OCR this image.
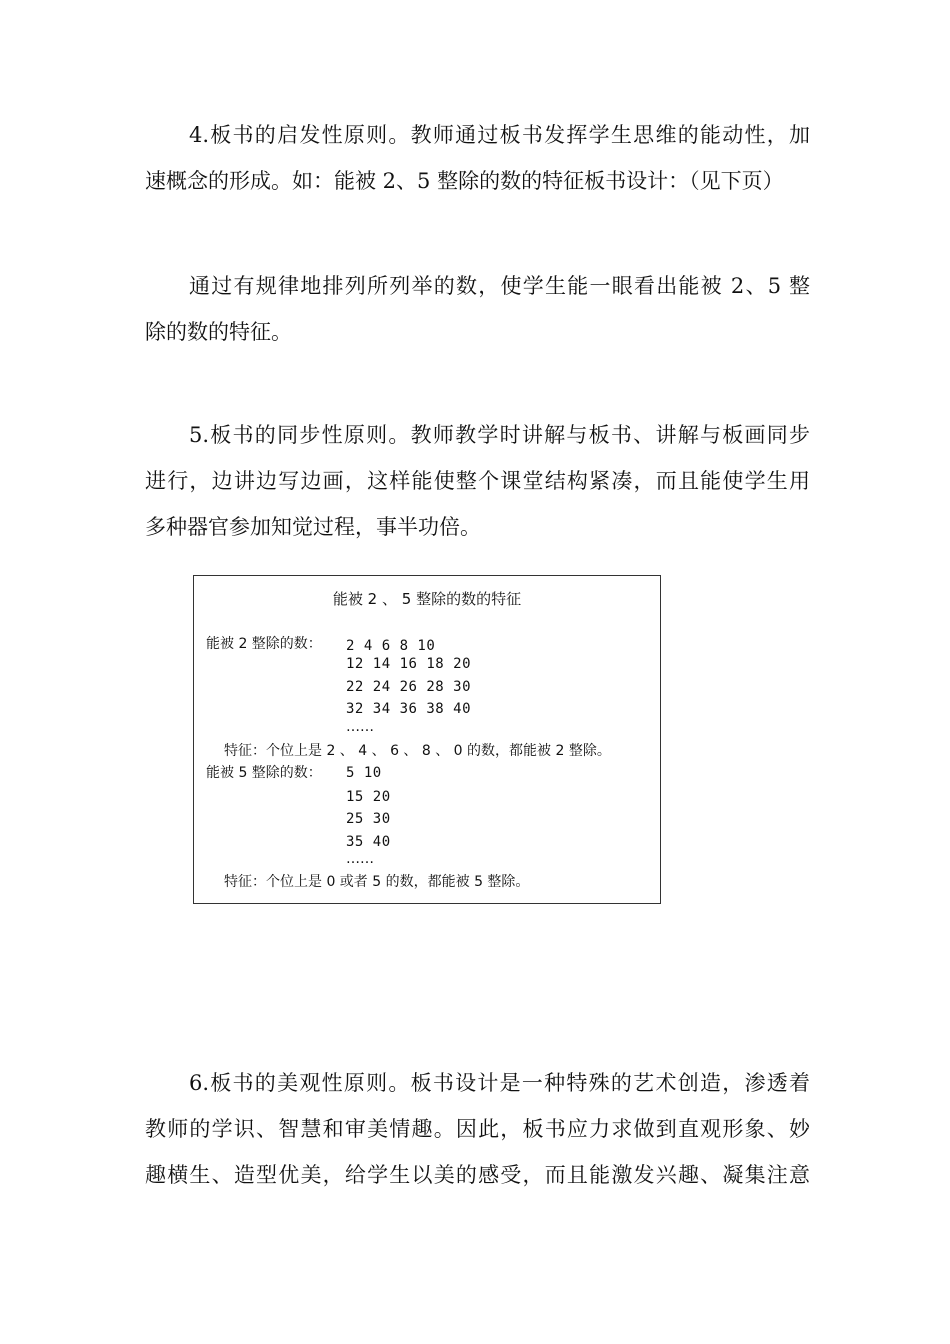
4.板书的启发性原则。教师通过板书发挥学生思维的能动性，加
速概念的形成。如：能被 2、5 整除的数的特征板书设计：（见下页）
通过有规律地排列所列举的数，使学生能一眼看出能被 2、5 整
除的数的特征。
5.板书的同步性原则。教师教学时讲解与板书、讲解与板画同步
进行，边讲边写边画，这样能使整个课堂结构紧凑，而且能使学生用
多种器官参加知觉过程，事半功倍。
能被 2 、 5 整除的数的特征
能被 2 整除的数： 2 4 6 8 10
12 14 16 18 20
22 24 26 28 30
32 34 36 38 40
……
特征：个位上是 2 、 4 、 6 、 8 、 0 的数，都能被 2 整除。
能被 5 整除的数： 5 10
15 20
25 30
35 40
……
特征：个位上是 0 或者 5 的数，都能被 5 整除。
6.板书的美观性原则。板书设计是一种特殊的艺术创造，渗透着
教师的学识、智慧和审美情趣。因此，板书应力求做到直观形象、妙
趣横生、造型优美，给学生以美的感受，而且能激发兴趣、凝集注意
